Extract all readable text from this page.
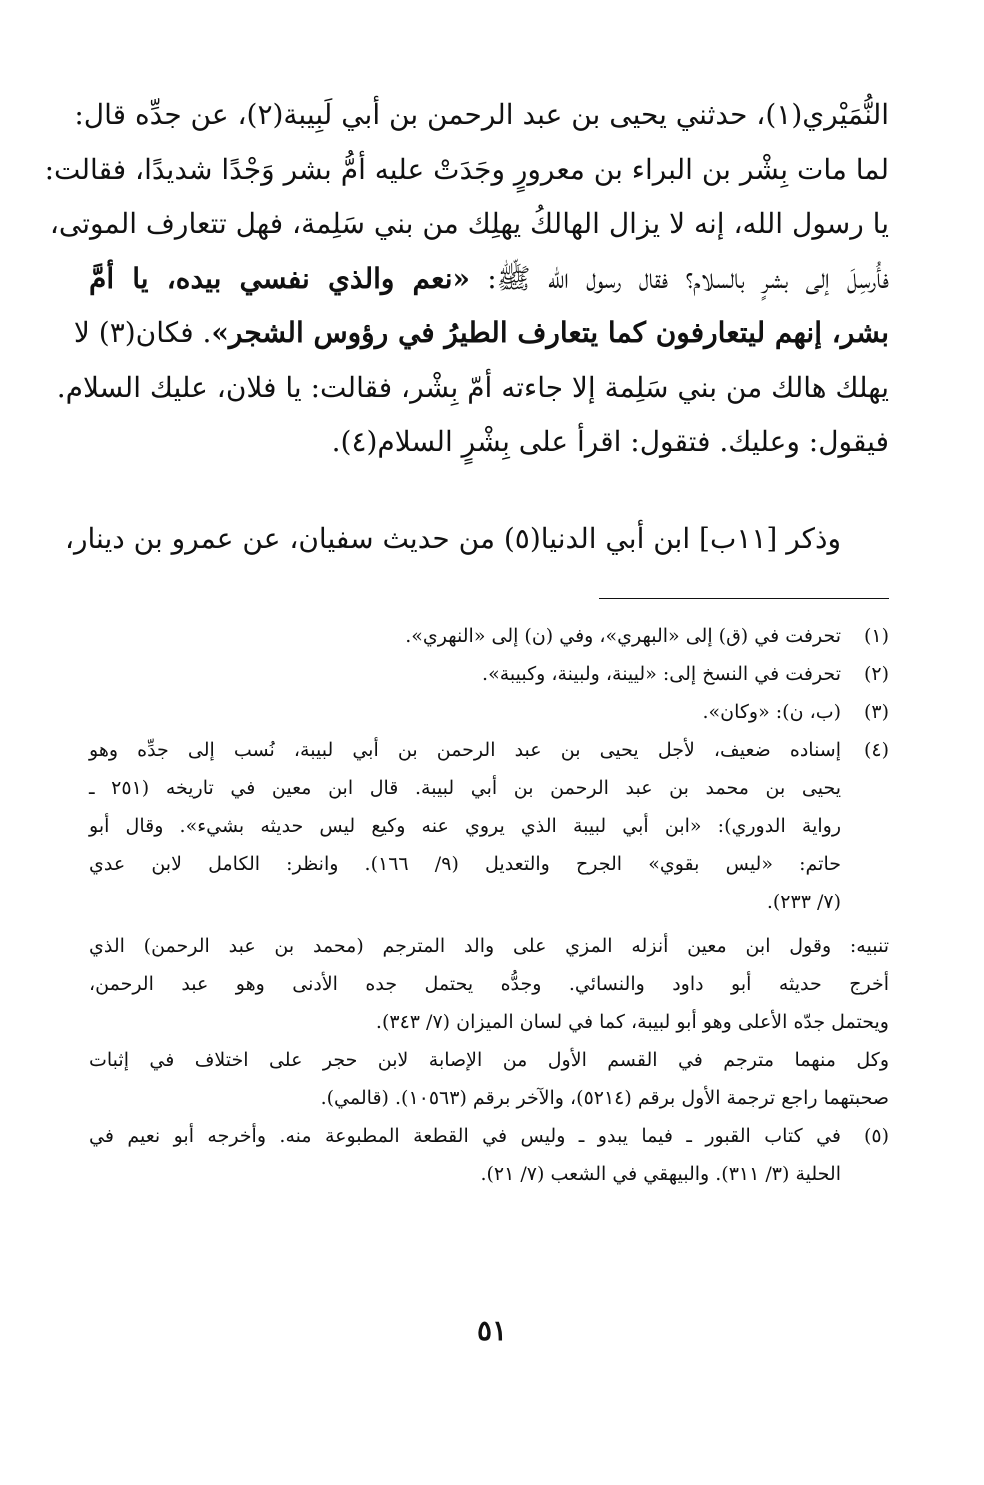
النُّمَيْري(١)، حدثني يحيى بن عبد الرحمن بن أبي لَبِيبة(٢)، عن جدِّه قال:
لما مات بِشْر بن البراء بن معرورٍ وجَدَتْ عليه أمُّ بشر وَجْدًا شديدًا، فقالت:
يا رسول الله، إنه لا يزال الهالكُ يهلِك من بني سَلِمة، فهل تتعارف الموتى،
فأُرسِلَ إلى بشرٍ بالسلام؟ فقال رسول الله ﷺ: «نعم والذي نفسي بيده، يا أمَّ
بشر، إنهم ليتعارفون كما يتعارف الطيرُ في رؤوس الشجر». فكان(٣) لا
يهلك هالك من بني سَلِمة إلا جاءته أمّ بِشْر، فقالت: يا فلان، عليك السلام.
فيقول: وعليك. فتقول: اقرأ على بِشْرٍ السلام(٤).
وذكر [١١ب] ابن أبي الدنيا(٥) من حديث سفيان، عن عمرو بن دينار،
(١)
تحرفت في (ق) إلى «البهري»، وفي (ن) إلى «النهري».
(٢)
تحرفت في النسخ إلى: «ليينة، ولبينة، وكبيبة».
(٣)
(ب، ن): «وكان».
(٤)
إسناده ضعيف، لأجل يحيى بن عبد الرحمن بن أبي لبيبة، نُسب إلى جدِّه وهو
يحيى بن محمد بن عبد الرحمن بن أبي لبيبة. قال ابن معين في تاريخه (٢٥١ ـ
رواية الدوري): «ابن أبي لبيبة الذي يروي عنه وكيع ليس حديثه بشيء». وقال أبو
حاتم: «ليس بقوي» الجرح والتعديل (٩/ ١٦٦). وانظر: الكامل لابن عدي
(٧/ ٢٣٣).
تنبيه: وقول ابن معين أنزله المزي على والد المترجم (محمد بن عبد الرحمن) الذي
أخرج حديثه أبو داود والنسائي. وجدُّه يحتمل جده الأدنى وهو عبد الرحمن،
ويحتمل جدّه الأعلى وهو أبو لبيبة، كما في لسان الميزان (٧/ ٣٤٣).
وكل منهما مترجم في القسم الأول من الإصابة لابن حجر على اختلاف في إثبات
صحبتهما راجع ترجمة الأول برقم (٥٢١٤)، والآخر برقم (١٠٥٦٣). (قالمي).
(٥)
في كتاب القبور ـ فيما يبدو ـ وليس في القطعة المطبوعة منه. وأخرجه أبو نعيم في
الحلية (٣/ ٣١١). والبيهقي في الشعب (٧/ ٢١).
٥١
